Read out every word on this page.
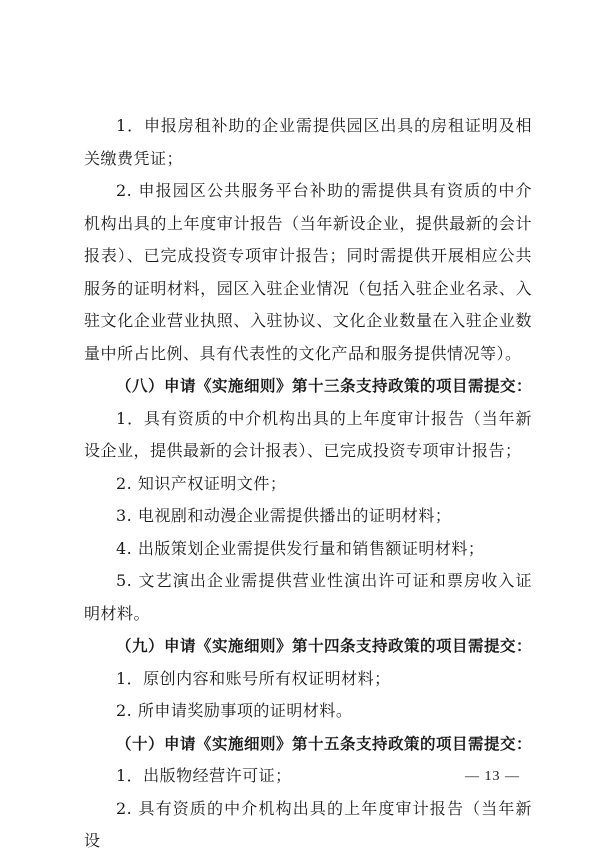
1．申报房租补助的企业需提供园区出具的房租证明及相关缴费凭证；

2. 申报园区公共服务平台补助的需提供具有资质的中介机构出具的上年度审计报告（当年新设企业，提供最新的会计报表）、已完成投资专项审计报告；同时需提供开展相应公共服务的证明材料，园区入驻企业情况（包括入驻企业名录、入驻文化企业营业执照、入驻协议、文化企业数量在入驻企业数量中所占比例、具有代表性的文化产品和服务提供情况等）。

（八）申请《实施细则》第十三条支持政策的项目需提交：

1．具有资质的中介机构出具的上年度审计报告（当年新设企业，提供最新的会计报表）、已完成投资专项审计报告；

2. 知识产权证明文件；

3. 电视剧和动漫企业需提供播出的证明材料；

4. 出版策划企业需提供发行量和销售额证明材料；

5. 文艺演出企业需提供营业性演出许可证和票房收入证明材料。

（九）申请《实施细则》第十四条支持政策的项目需提交：

1．原创内容和账号所有权证明材料；

2. 所申请奖励事项的证明材料。

（十）申请《实施细则》第十五条支持政策的项目需提交：

1．出版物经营许可证；

2. 具有资质的中介机构出具的上年度审计报告（当年新设

— 13 —
